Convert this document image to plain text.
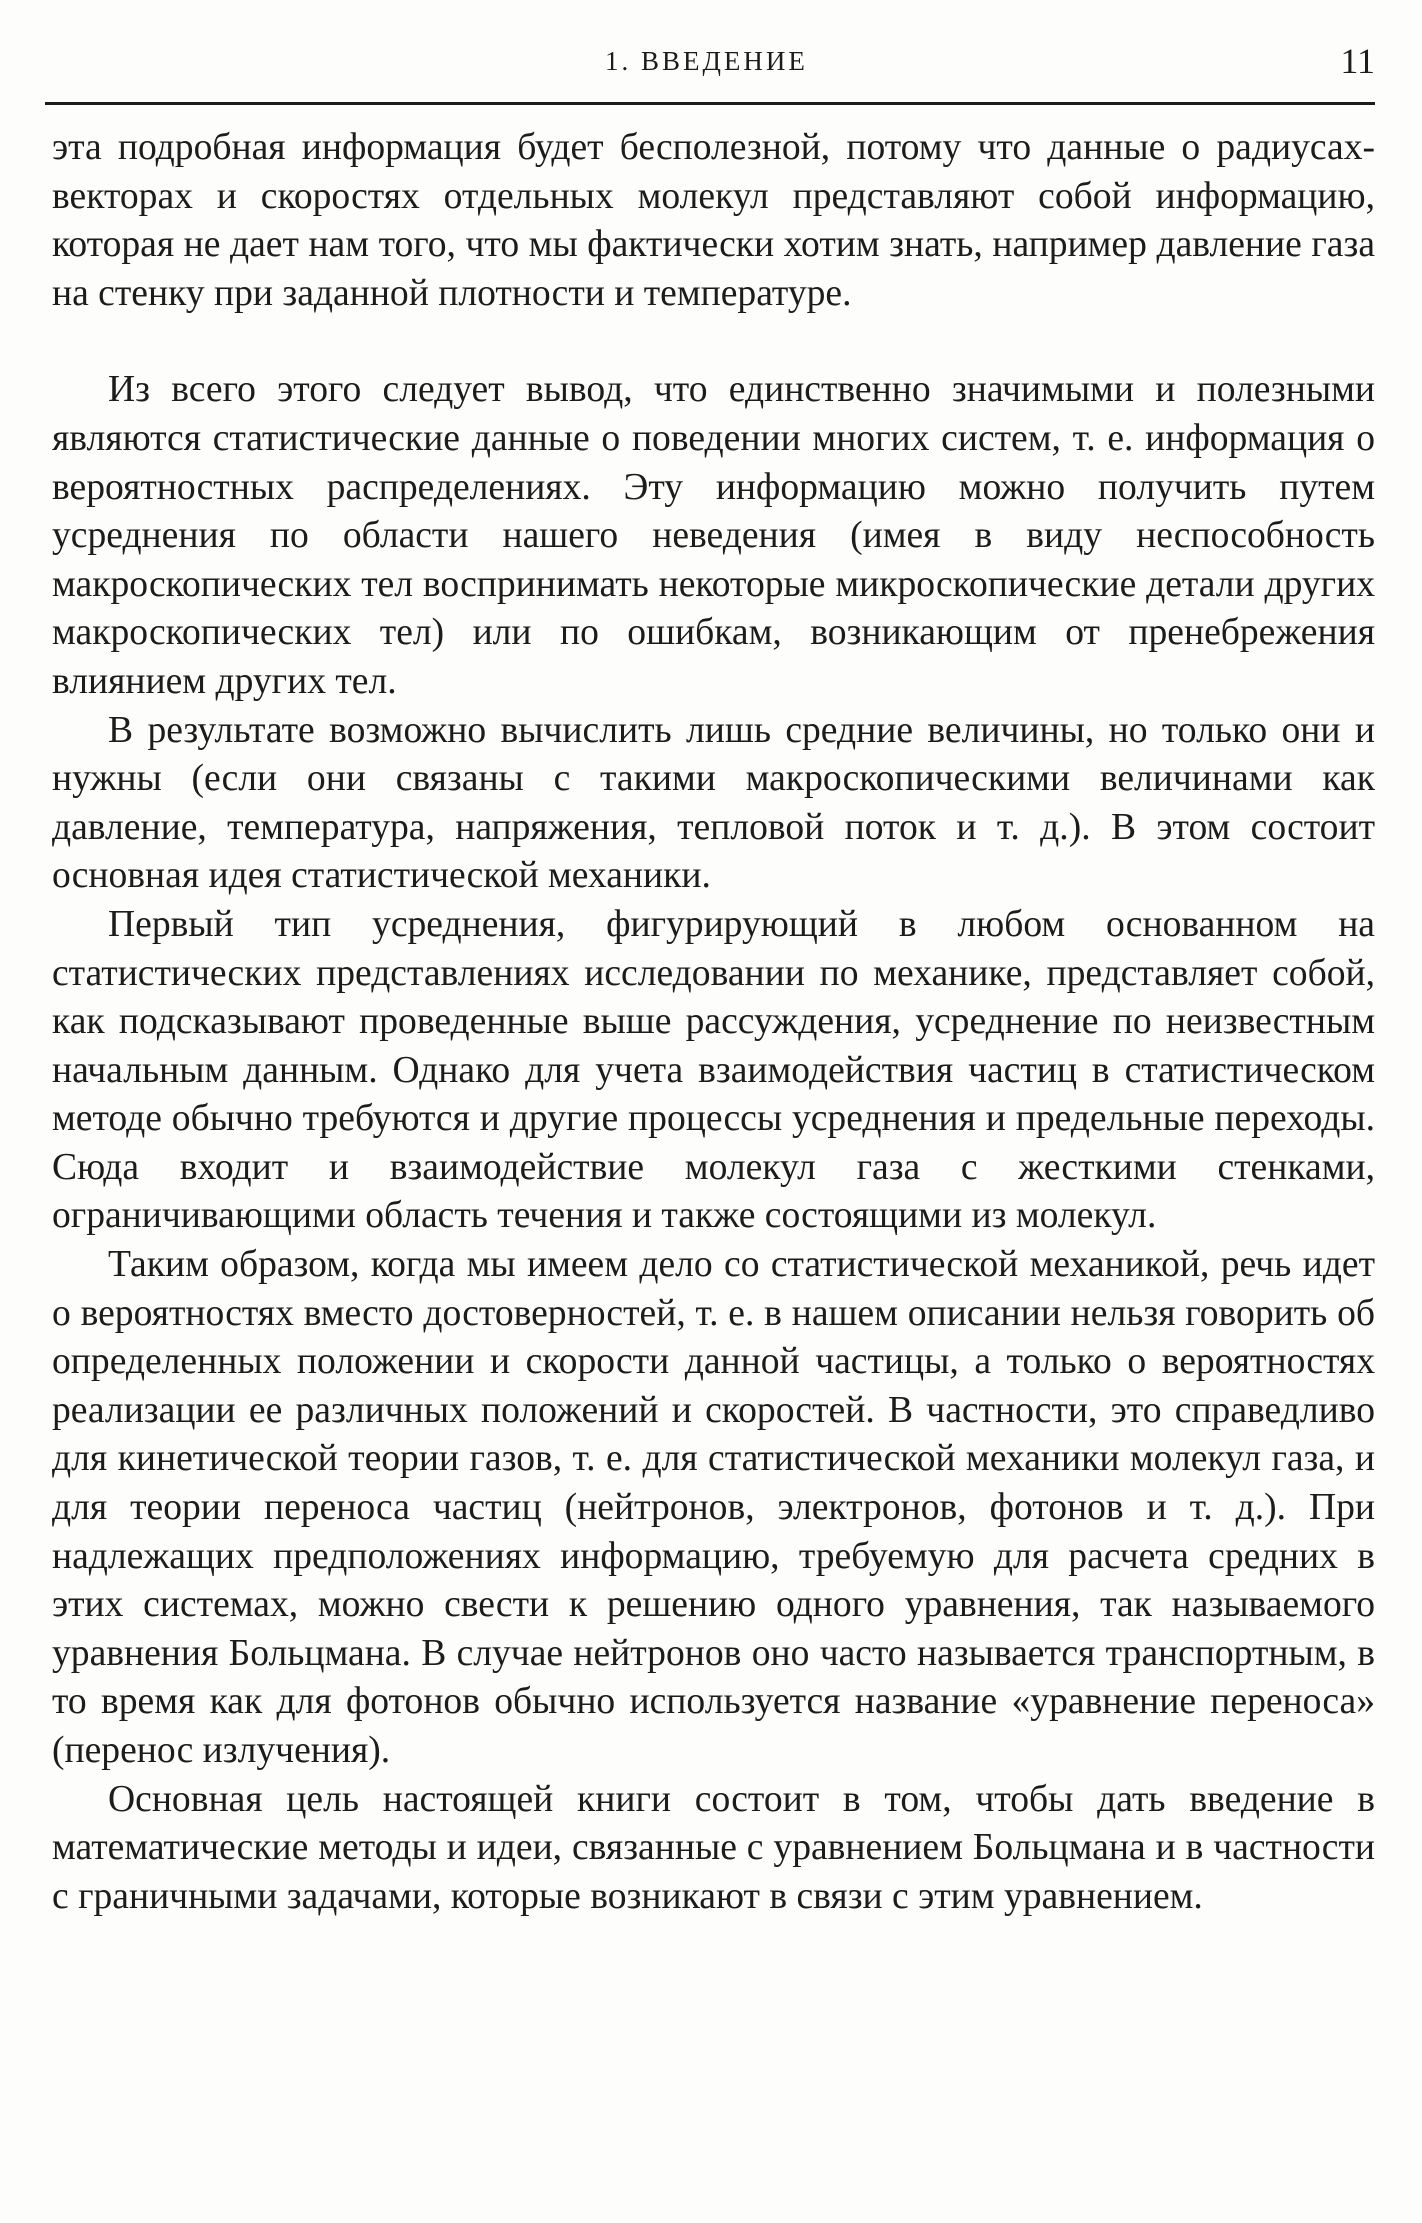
1. ВВЕДЕНИЕ	11

эта подробная информация будет бесполезной, потому что данные о радиусах-векторах и скоростях отдельных молекул представляют собой информацию, которая не дает нам того, что мы фактически хотим знать, например давление газа на стенку при заданной плотности и температуре.

Из всего этого следует вывод, что единственно значимыми и полезными являются статистические данные о поведении многих систем, т. е. информация о вероятностных распределениях. Эту информацию можно получить путем усреднения по области нашего неведения (имея в виду неспособность макроскопических тел воспринимать некоторые микроскопические детали других макроскопических тел) или по ошибкам, возникающим от пренебрежения влиянием других тел.

В результате возможно вычислить лишь средние величины, но только они и нужны (если они связаны с такими макроскопическими величинами как давление, температура, напряжения, тепловой поток и т. д.). В этом состоит основная идея статистической механики.

Первый тип усреднения, фигурирующий в любом основанном на статистических представлениях исследовании по механике, представляет собой, как подсказывают проведенные выше рассуждения, усреднение по неизвестным начальным данным. Однако для учета взаимодействия частиц в статистическом методе обычно требуются и другие процессы усреднения и предельные переходы. Сюда входит и взаимодействие молекул газа с жесткими стенками, ограничивающими область течения и также состоящими из молекул.

Таким образом, когда мы имеем дело со статистической механикой, речь идет о вероятностях вместо достоверностей, т. е. в нашем описании нельзя говорить об определенных положении и скорости данной частицы, а только о вероятностях реализации ее различных положений и скоростей. В частности, это справедливо для кинетической теории газов, т. е. для статистической механики молекул газа, и для теории переноса частиц (нейтронов, электронов, фотонов и т. д.). При надлежащих предположениях информацию, требуемую для расчета средних в этих системах, можно свести к решению одного уравнения, так называемого уравнения Больцмана. В случае нейтронов оно часто называется транспортным, в то время как для фотонов обычно используется название «уравнение переноса» (перенос излучения).

Основная цель настоящей книги состоит в том, чтобы дать введение в математические методы и идеи, связанные с уравнением Больцмана и в частности с граничными задачами, которые возникают в связи с этим уравнением.
